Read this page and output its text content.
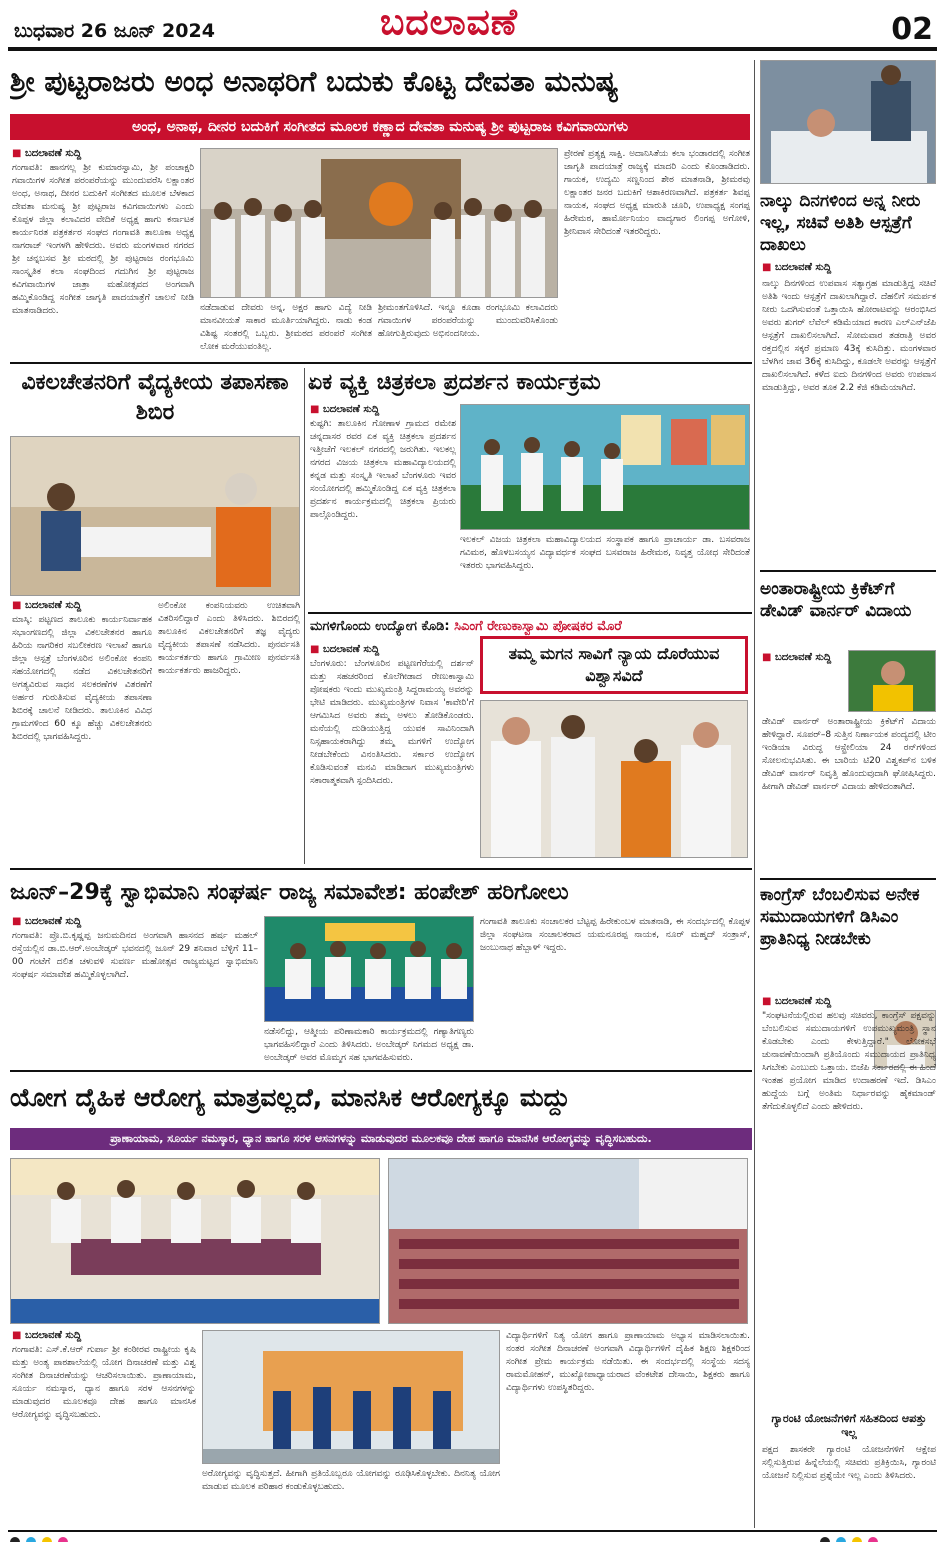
ಬುಧವಾರ 26 ಜೂನ್ 2024	ಬದಲಾವಣೆ	02
ಶ್ರೀ ಪುಟ್ಟರಾಜರು ಅಂಧ ಅನಾಥರಿಗೆ ಬದುಕು ಕೊಟ್ಟ ದೇವತಾ ಮನುಷ್ಯ
ಅಂಧ, ಅನಾಥ, ದೀನರ ಬದುಕಿಗೆ ಸಂಗೀತದ ಮೂಲಕ ಕಣ್ಣಾದ ದೇವತಾ ಮನುಷ್ಯ ಶ್ರೀ ಪುಟ್ಟರಾಜ ಕವಿಗವಾಯಿಗಳು
■ ಬದಲಾವಣೆ ಸುದ್ದಿ
ಗಂಗಾವತಿ: ಹಾನಗಲ್ಲ ಶ್ರೀ ಕುಮಾರಸ್ವಾಮಿ, ಶ್ರೀ ಪಂಚಾಕ್ಷರಿ ಗವಾಯಿಗಳ ಸಂಗೀತ ಪರಂಪರೆಯನ್ನು ಮುಂದುವರೆಸಿ ಲಕ್ಷಾಂತರ ಅಂಧ, ಅನಾಥ, ದೀನರ ಬದುಕಿಗೆ ಸಂಗೀತದ ಮೂಲಕ ಬೆಳಕಾದ ದೇವತಾ ಮನುಷ್ಯ ಶ್ರೀ ಪುಟ್ಟರಾಜ ಕವಿಗವಾಯಿಗಳು ಎಂದು ಕೊಪ್ಪಳ ಜಿಲ್ಲಾ ಕಲಾವಿದರ ವೇದಿಕೆ ಅಧ್ಯಕ್ಷ ಹಾಗು ಕರ್ನಾಟಕ ಕಾರ್ಯನಿರತ ಪತ್ರಕರ್ತರ ಸಂಘದ ಗಂಗಾವತಿ ತಾಲೂಕಾ ಅಧ್ಯಕ್ಷ ನಾಗರಾಜ್ ಇಂಗಳಗಿ ಹೇಳಿದರು. ಅವರು ಮಂಗಳವಾರ ನಗರದ ಶ್ರೀ ಚನ್ನಬಸವ ಶ್ರೀ ಮಠದಲ್ಲಿ ಶ್ರೀ ಪುಟ್ಟರಾಜ ರಂಗಭೂಮಿ ಸಾಂಸ್ಕೃತಿಕ ಕಲಾ ಸಂಘದಿಂದ ಗದುಗಿನ ಶ್ರೀ ಪುಟ್ಟರಾಜ ಕವಿಗವಾಯಿಗಳ ಜಾತ್ರಾ ಮಹೋತ್ಸವದ ಅಂಗವಾಗಿ ಹಮ್ಮಿಕೊಂಡಿದ್ದ ಸಂಗೀತ ಜಾಗೃತಿ ಪಾದಯಾತ್ರೆಗೆ ಚಾಲನೆ ನೀಡಿ ಮಾತನಾಡಿದರು.	ನಡೆದಾಡುವ ದೇವರು ಅನ್ನ, ಅಕ್ಷರ ಹಾಗು ವಿದ್ಯೆ ನೀಡಿ ಮಾನವೀಯತೆ ಸಾಕಾರ ಮೂರ್ತಿಯಾಗಿದ್ದರು. ನಾಡು ಕಂಡ ವಿಶಿಷ್ಟ ಸಂತರಲ್ಲಿ ಒಬ್ಬರು. ಶ್ರೀಮಠದ ಪರಂಪರೆ ಸಂಗೀತ ಲೋಕ ಮರೆಯುವಂತಿಲ್ಲ.
ಶ್ರೀಮಂತಗೊಳಿಸಿದೆ. ಇನ್ನೂ ಕೂಡಾ ರಂಗಭೂಮಿ ಕಲಾವಿದರು ಗವಾಯಿಗಳ ಪರಂಪರೆಯನ್ನು ಮುಂದುವರಿಸಿಕೊಂಡು ಹೋಗುತ್ತಿರುವುದು ಅಭಿನಂದನೀಯ.
ಪ್ರೇರಣೆ ಪ್ರತ್ಯಕ್ಷ ಸಾಕ್ಷಿ. ಅದಾನಿಸಿತೆಯ ಕಲಾ ಭಂಡಾರದಲ್ಲಿ ಸಂಗೀತ ಜಾಗೃತಿ ಪಾದಯಾತ್ರೆ ರಾಜ್ಯಕ್ಕೆ ಮಾದರಿ ಎಂದು ಕೊಂಡಾಡಿದರು. ಗಾಯಕ, ಉದ್ಯಮಿ ಸಣ್ಣನಿಂದ ಶೇಠ ಮಾತನಾಡಿ, ಶ್ರೀಮಠವು ಲಕ್ಷಾಂತರ ಜನರ ಬದುಕಿಗೆ ಆಶಾಕಿರಣವಾಗಿದೆ. ಪತ್ರಕರ್ತ ಶಿವಪ್ಪ ನಾಯಕ, ಸಂಘದ ಅಧ್ಯಕ್ಷ ಮಾರುತಿ ಚೂರಿ, ಉಪಾಧ್ಯಕ್ಷ ಸಂಗಪ್ಪ ಹಿರೇಮಠ, ಹಾರ್ಮೋನಿಯಂ ವಾದ್ಯಗಾರ ಲಿಂಗಪ್ಪ ಅಗೋಳಿ, ಶ್ರೀನಿವಾಸ ಸೇರಿದಂತೆ ಇತರರಿದ್ದರು.
ನಾಲ್ಕು ದಿನಗಳಿಂದ ಅನ್ನ ನೀರು ಇಲ್ಲ, ಸಚಿವೆ ಅತಿಶಿ ಆಸ್ಪತ್ರೆಗೆ ದಾಖಲು
■ ಬದಲಾವಣೆ ಸುದ್ದಿ
ನಾಲ್ಕು ದಿನಗಳಿಂದ ಉಪವಾಸ ಸತ್ಯಾಗ್ರಹ ಮಾಡುತ್ತಿದ್ದ ಸಚಿವೆ ಅತಿಶಿ ಇಂದು ಆಸ್ಪತ್ರೆಗೆ ದಾಖಲಾಗಿದ್ದಾರೆ. ದೆಹಲಿಗೆ ಸಮರ್ಪಕ ನೀರು ಒದಗಿಸುವಂತೆ ಒತ್ತಾಯಿಸಿ ಹೋರಾಟವನ್ನು ಆರಂಭಿಸಿದ ಅವರು ಶುಗರ್ ಲೆವೆಲ್ ಕಡಿಮೆಯಾದ ಕಾರಣ ಎಲ್‌ಎನ್‌ಜೆಪಿ ಆಸ್ಪತ್ರೆಗೆ ದಾಖಲಿಸಲಾಗಿದೆ. ಸೋಮವಾರ ತಡರಾತ್ರಿ ಅವರ ರಕ್ತದಲ್ಲಿನ ಸಕ್ಕರೆ ಪ್ರಮಾಣ 43ಕ್ಕೆ ಕುಸಿದಿತ್ತು. ಮಂಗಳವಾರ ಬೆಳಗಿನ ಜಾವ 36ಕ್ಕೆ ಕುಸಿದಿದ್ದು, ಕೂಡಲೇ ಅವರನ್ನು ಆಸ್ಪತ್ರೆಗೆ ದಾಖಲಿಸಲಾಗಿದೆ. ಕಳೆದ ಐದು ದಿನಗಳಿಂದ ಅವರು ಉಪವಾಸ ಮಾಡುತ್ತಿದ್ದು, ಅವರ ತೂಕ 2.2 ಕೆಜಿ ಕಡಿಮೆಯಾಗಿದೆ.
ವಿಕಲಚೇತನರಿಗೆ ವೈದ್ಯಕೀಯ ತಪಾಸಣಾ ಶಿಬಿರ
■ ಬದಲಾವಣೆ ಸುದ್ದಿ
ಮಾಸ್ಕಿ: ಪಟ್ಟಣದ ತಾಲೂಕು ಕಾರ್ಯನಿರ್ವಾಹಕ ಸಭಾಂಗಣದಲ್ಲಿ ಜಿಲ್ಲಾ ವಿಕಲಚೇತನರ ಹಾಗೂ ಹಿರಿಯ ನಾಗರಿಕರ ಸಬಲೀಕರಣ ಇಲಾಖೆ ಹಾಗೂ ಜಿಲ್ಲಾ ಆಸ್ಪತ್ರೆ ಬೆಂಗಳೂರಿನ ಅಲಿಂಕೋ ಕಂಪನಿ ಸಹಯೋಗದಲ್ಲಿ ನಡೆದ ವಿಕಲಚೇತನರಿಗೆ ಅಗತ್ಯವಿರುವ ಸಾಧನ ಸಲಕರಣೆಗಳ ವಿತರಣೆಗೆ ಅರ್ಹರ ಗುರುತಿಸುವ ವೈದ್ಯಕೀಯ ತಪಾಸಣಾ ಶಿಬಿರಕ್ಕೆ ಚಾಲನೆ ನೀಡಿದರು. ತಾಲೂಕಿನ ವಿವಿಧ ಗ್ರಾಮಗಳಿಂದ 60 ಕ್ಕೂ ಹೆಚ್ಚು ವಿಕಲಚೇತನರು ಶಿಬಿರದಲ್ಲಿ ಭಾಗವಹಿಸಿದ್ದರು.
ಅಲಿಂಕೋ ಕಂಪನಿಯವರು ಉಚಿತವಾಗಿ ವಿತರಿಸಲಿದ್ದಾರೆ ಎಂದು ತಿಳಿಸಿದರು. ಶಿಬಿರದಲ್ಲಿ ತಾಲೂಕಿನ ವಿಕಲಚೇತನರಿಗೆ ತಜ್ಞ ವೈದ್ಯರು ವೈದ್ಯಕೀಯ ತಪಾಸಣೆ ನಡೆಸಿದರು. ಪುನರ್ವಸತಿ ಕಾರ್ಯಕರ್ತರು ಹಾಗೂ ಗ್ರಾಮೀಣ ಪುನರ್ವಸತಿ ಕಾರ್ಯಕರ್ತರು ಹಾಜರಿದ್ದರು.
ಏಕ ವ್ಯಕ್ತಿ ಚಿತ್ರಕಲಾ ಪ್ರದರ್ಶನ ಕಾರ್ಯಕ್ರಮ
■ ಬದಲಾವಣೆ ಸುದ್ದಿ
ಕುಷ್ಟಗಿ: ತಾಲೂಕಿನ ಗೋಣಾಳ ಗ್ರಾಮದ ರಮೇಶ ಚನ್ನದಾಸರ ರವರ ಏಕ ವ್ಯಕ್ತಿ ಚಿತ್ರಕಲಾ ಪ್ರದರ್ಶನ ಇತ್ತೀಚೆಗೆ ಇಲಕಲ್ ನಗರದಲ್ಲಿ ಜರುಗಿತು. ಇಲಕಲ್ಲ ನಗರದ ವಿಜಯ ಚಿತ್ರಕಲಾ ಮಹಾವಿದ್ಯಾಲಯದಲ್ಲಿ ಕನ್ನಡ ಮತ್ತು ಸಂಸ್ಕೃತಿ ಇಲಾಖೆ ಬೆಂಗಳೂರು ಇವರ ಸಂಯೋಗದಲ್ಲಿ ಹಮ್ಮಿಕೊಂಡಿದ್ದ ಏಕ ವ್ಯಕ್ತಿ ಚಿತ್ರಕಲಾ ಪ್ರದರ್ಶನ ಕಾರ್ಯಕ್ರಮದಲ್ಲಿ ಚಿತ್ರಕಲಾ ಪ್ರಿಯರು ಪಾಲ್ಗೊಂಡಿದ್ದರು.
ಇಲಕಲ್ ವಿಜಯ ಚಿತ್ರಕಲಾ ಮಹಾವಿದ್ಯಾಲಯದ ಸಂಸ್ಥಾಪಕ ಹಾಗೂ ಪ್ರಾಚಾರ್ಯ ಡಾ. ಬಸವರಾಜ ಗವಿಮಠ, ಹೊಳಬಸಯ್ಯನ ವಿದ್ಯಾವರ್ಧಕ ಸಂಘದ ಬಸವರಾಜ ಹಿರೇಮಠ, ನಿವೃತ್ತ ಯೋಧ ಸೇರಿದಂತೆ ಇತರರು ಭಾಗವಹಿಸಿದ್ದರು.
ಮಗಳಿಗೊಂದು ಉದ್ಯೋಗ ಕೊಡಿ: ಸಿಎಂಗೆ ರೇಣುಕಾಸ್ವಾಮಿ ಪೋಷಕರ ಮೊರೆ
■ ಬದಲಾವಣೆ ಸುದ್ದಿ	ತಮ್ಮ ಮಗನ ಸಾವಿಗೆ ನ್ಯಾಯ ದೊರೆಯುವ ವಿಶ್ವಾಸವಿದೆ
ಬೆಂಗಳೂರು: ಬೆಂಗಳೂರಿನ ಪಟ್ಟಣಗೆರೆಯಲ್ಲಿ ದರ್ಶನ್ ಮತ್ತು ಸಹಚರರಿಂದ ಕೊಲೆಗೀಡಾದ ರೇಣುಕಾಸ್ವಾಮಿ ಪೋಷಕರು ಇಂದು ಮುಖ್ಯಮಂತ್ರಿ ಸಿದ್ದರಾಮಯ್ಯ ಅವರನ್ನು ಭೇಟಿ ಮಾಡಿದರು. ಮುಖ್ಯಮಂತ್ರಿಗಳ ನಿವಾಸ 'ಕಾವೇರಿ'ಗೆ ಆಗಮಿಸಿದ ಅವರು ತಮ್ಮ ಅಳಲು ತೋಡಿಕೊಂಡರು. ಮನೆಯಲ್ಲಿ ದುಡಿಯುತ್ತಿದ್ದ ಯುವಕ ಸಾವಿನಿಂದಾಗಿ ನಿಸ್ಸಹಾಯಕರಾಗಿದ್ದು ತಮ್ಮ ಮಗಳಿಗೆ ಉದ್ಯೋಗ ನೀಡಬೇಕೆಂದು ವಿನಂತಿಸಿದರು. ಸರ್ಕಾರ ಉದ್ಯೋಗ ಕೊಡಿಸುವಂತೆ ಮನವಿ ಮಾಡಿದಾಗ ಮುಖ್ಯಮಂತ್ರಿಗಳು ಸಕಾರಾತ್ಮಕವಾಗಿ ಸ್ಪಂದಿಸಿದರು.
ಅಂತಾರಾಷ್ಟ್ರೀಯ ಕ್ರಿಕೆಟ್‌ಗೆ ಡೇವಿಡ್ ವಾರ್ನರ್ ವಿದಾಯ
■ ಬದಲಾವಣೆ ಸುದ್ದಿ
ಡೇವಿಡ್ ವಾರ್ನರ್ ಅಂತಾರಾಷ್ಟ್ರೀಯ ಕ್ರಿಕೆಟ್‌ಗೆ ವಿದಾಯ ಹೇಳಿದ್ದಾರೆ. ಸೂಪರ್–8 ಸುತ್ತಿನ ನಿರ್ಣಾಯಕ ಪಂದ್ಯದಲ್ಲಿ ಟೀಂ ಇಂಡಿಯಾ ವಿರುದ್ಧ ಆಸ್ಟ್ರೇಲಿಯಾ 24 ರನ್‌ಗಳಿಂದ ಸೋಲನುಭವಿಸಿತು. ಈ ಬಾರಿಯ ಟಿ20 ವಿಶ್ವಕಪ್‌ನ ಬಳಿಕ ಡೇವಿಡ್ ವಾರ್ನರ್ ನಿವೃತ್ತಿ ಹೊಂದುವುದಾಗಿ ಘೋಷಿಸಿದ್ದರು. ಹೀಗಾಗಿ ಡೇವಿಡ್ ವಾರ್ನರ್ ವಿದಾಯ ಹೇಳಿದಂತಾಗಿದೆ.
ಜೂನ್–29ಕ್ಕೆ ಸ್ವಾಭಿಮಾನಿ ಸಂಘರ್ಷ ರಾಜ್ಯ ಸಮಾವೇಶ: ಹಂಪೇಶ್ ಹರಿಗೋಲು
■ ಬದಲಾವಣೆ ಸುದ್ದಿ
ಗಂಗಾವತಿ: ಪ್ರೊ.ಬಿ.ಕೃಷ್ಣಪ್ಪ ಜನುಮದಿನದ ಅಂಗವಾಗಿ ಹಾಸನದ ಹರ್ಷ ಮಹಲ್ ರಸ್ತೆಯಲ್ಲಿನ ಡಾ.ಬಿ.ಆರ್.ಅಂಬೇಡ್ಕರ್ ಭವನದಲ್ಲಿ ಜೂನ್ 29 ಶನಿವಾರ ಬೆಳ್ಳಿಗೆ 11–00 ಗಂಟೆಗೆ ದಲಿತ ಚಳುವಳಿ ಸುವರ್ಣ ಮಹೋತ್ಸವ ರಾಜ್ಯಮಟ್ಟದ ಸ್ವಾಭಿಮಾನಿ ಸಂಘರ್ಷ ಸಮಾವೇಶ ಹಮ್ಮಿಕೊಳ್ಳಲಾಗಿದೆ.
ನಡೆಸಲಿದ್ದು, ಆತ್ಮೀಯ ಪರಿಣಾಮಕಾರಿ ಕಾರ್ಯಕ್ರಮದಲ್ಲಿ ಗಣ್ಯಾತಿಗಣ್ಯರು ಭಾಗವಹಿಸಲಿದ್ದಾರೆ ಎಂದು ತಿಳಿಸಿದರು. ಅಂಬೇಡ್ಕರ್ ನಿಗಮದ ಅಧ್ಯಕ್ಷ ಡಾ. ಅಂಬೇಡ್ಕರ್ ಅವರ ಮೊಮ್ಮಗ ಸಹ ಭಾಗವಹಿಸುವರು.
ಗಂಗಾವತಿ ತಾಲೂಕು ಸಂಚಾಲಕರ ಬೆಟ್ಟಪ್ಪ ಹಿರೇಕುಂಬಳ ಮಾತನಾಡಿ, ಈ ಸಂದರ್ಭದಲ್ಲಿ ಕೊಪ್ಪಳ ಜಿಲ್ಲಾ ಸಂಘಟನಾ ಸಂಚಾಲಕರಾದ ಯಮನೂರಪ್ಪ ನಾಯಕ, ನೂರ್ ಮಹ್ಮದ್ ಸಂತ್ರಾಸ್, ಜಂಬುನಾಥ ಹೆಬ್ಬಾಳ್ ಇದ್ದರು.
ಕಾಂಗ್ರೆಸ್ ಬೆಂಬಲಿಸುವ ಅನೇಕ ಸಮುದಾಯಗಳಿಗೆ ಡಿಸಿಎಂ ಪ್ರಾತಿನಿಧ್ಯ ನೀಡಬೇಕು
■ ಬದಲಾವಣೆ ಸುದ್ದಿ
"ಸಂಘಟನೆಯಲ್ಲಿರುವ ಹಲವು ಸಚಿವರು, ಕಾಂಗ್ರೆಸ್ ಪಕ್ಷವನ್ನು ಬೆಂಬಲಿಸುವ ಸಮುದಾಯಗಳಿಗೆ ಉಪಮುಖ್ಯಮಂತ್ರಿ ಸ್ಥಾನ ಕೊಡಬೇಕು ಎಂದು ಕೇಳುತ್ತಿದ್ದಾರೆ." ಲೋಕಸಭೆ ಚುನಾವಣೆಯಿಂದಾಗಿ ಪ್ರತಿಯೊಂದು ಸಮುದಾಯದ ಪ್ರಾತಿನಿಧ್ಯ ಸಿಗಬೇಕು ಎಂಬುದು ಒತ್ತಾಯ. ಬಿಜೆಪಿ ಸರ್ಕಾರದಲ್ಲಿ ಈ ಹಿಂದೆ ಇಂತಹ ಪ್ರಯೋಗ ಮಾಡಿದ ಉದಾಹರಣೆ ಇದೆ. ಡಿಸಿಎಂ ಹುದ್ದೆಯ ಬಗ್ಗೆ ಅಂತಿಮ ನಿರ್ಧಾರವನ್ನು ಹೈಕಮಾಂಡ್ ತೆಗೆದುಕೊಳ್ಳಲಿದೆ ಎಂದು ಹೇಳಿದರು.
ಗ್ಯಾರಂಟಿ ಯೋಜನೆಗಳಿಗೆ ಸಹಿತದಿಂದ ಆಪತ್ತು ಇಲ್ಲ
ಪಕ್ಷದ ಶಾಸಕರೇ ಗ್ಯಾರಂಟಿ ಯೋಜನೆಗಳಿಗೆ ಆಕ್ಷೇಪ ಸಲ್ಲಿಸುತ್ತಿರುವ ಹಿನ್ನೆಲೆಯಲ್ಲಿ ಸಚಿವರು ಪ್ರತಿಕ್ರಿಯಿಸಿ, ಗ್ಯಾರಂಟಿ ಯೋಜನೆ ನಿಲ್ಲಿಸುವ ಪ್ರಶ್ನೆಯೇ ಇಲ್ಲ ಎಂದು ತಿಳಿಸಿದರು.
ಯೋಗ ದೈಹಿಕ ಆರೋಗ್ಯ ಮಾತ್ರವಲ್ಲದೆ, ಮಾನಸಿಕ ಆರೋಗ್ಯಕ್ಕೂ ಮದ್ದು
ಪ್ರಾಣಾಯಾಮ, ಸೂರ್ಯ ನಮಸ್ಕಾರ, ಧ್ಯಾನ ಹಾಗೂ ಸರಳ ಆಸನಗಳನ್ನು ಮಾಡುವುದರ ಮೂಲಕವೂ ದೇಹ ಹಾಗೂ ಮಾನಸಿಕ ಆರೋಗ್ಯವನ್ನು ವೃದ್ಧಿಸಬಹುದು.
■ ಬದಲಾವಣೆ ಸುದ್ದಿ
ಗಂಗಾವತಿ: ಎಸ್.ಕೆ.ಆರ್ ಗುರ್ಪಾ ಶ್ರೀ ಕಂಠೀರವ ರಾಷ್ಟ್ರೀಯ ಕೃಷಿ ಮತ್ತು ಅಂತ್ಯ ಪಾಠಶಾಲೆಯಲ್ಲಿ ಯೋಗ ದಿನಾಚರಣೆ ಮತ್ತು ವಿಶ್ವ ಸಂಗೀತ ದಿನಾಚರಣೆಯನ್ನು ಆಚರಿಸಲಾಯಿತು. ಪ್ರಾಣಾಯಾಮ, ಸೂರ್ಯ ನಮಸ್ಕಾರ, ಧ್ಯಾನ ಹಾಗೂ ಸರಳ ಆಸನಗಳನ್ನು ಮಾಡುವುದರ ಮೂಲಕವೂ ದೇಹ ಹಾಗೂ ಮಾನಸಿಕ ಆರೋಗ್ಯವನ್ನು ವೃದ್ಧಿಸಬಹುದು.
ಅರೋಗ್ಯವನ್ನು ವೃದ್ಧಿಸುತ್ತದೆ. ಹೀಗಾಗಿ ಪ್ರತಿಯೊಬ್ಬರೂ ಯೋಗವನ್ನು ರೂಢಿಸಿಕೊಳ್ಳಬೇಕು. ದಿನನಿತ್ಯ ಯೋಗ ಮಾಡುವ ಮೂಲಕ ಪರಿಹಾರ ಕಂಡುಕೊಳ್ಳಬಹುದು.
ವಿದ್ಯಾರ್ಥಿಗಳಿಗೆ ನಿತ್ಯ ಯೋಗ ಹಾಗೂ ಪ್ರಾಣಾಯಾಮ ಅಭ್ಯಾಸ ಮಾಡಿಸಲಾಯಿತು. ನಂತರ ಸಂಗೀತ ದಿನಾಚರಣೆ ಅಂಗವಾಗಿ ವಿದ್ಯಾರ್ಥಿಗಳಿಗೆ ದೈಹಿಕ ಶಿಕ್ಷಣ ಶಿಕ್ಷಕರಿಂದ ಸಂಗೀತ ಪ್ರೇಮ ಕಾರ್ಯಕ್ರಮ ನಡೆಯಿತು. ಈ ಸಂದರ್ಭದಲ್ಲಿ ಸಂಸ್ಥೆಯ ಸದಸ್ಯ ರಾಮಮೋಹನ್, ಮುಖ್ಯೋಪಾಧ್ಯಾಯರಾದ ವೆಂಕಟೇಶ ದೇಸಾಯಿ, ಶಿಕ್ಷಕರು ಹಾಗೂ ವಿದ್ಯಾರ್ಥಿಗಳು ಉಪಸ್ಥಿತರಿದ್ದರು.
